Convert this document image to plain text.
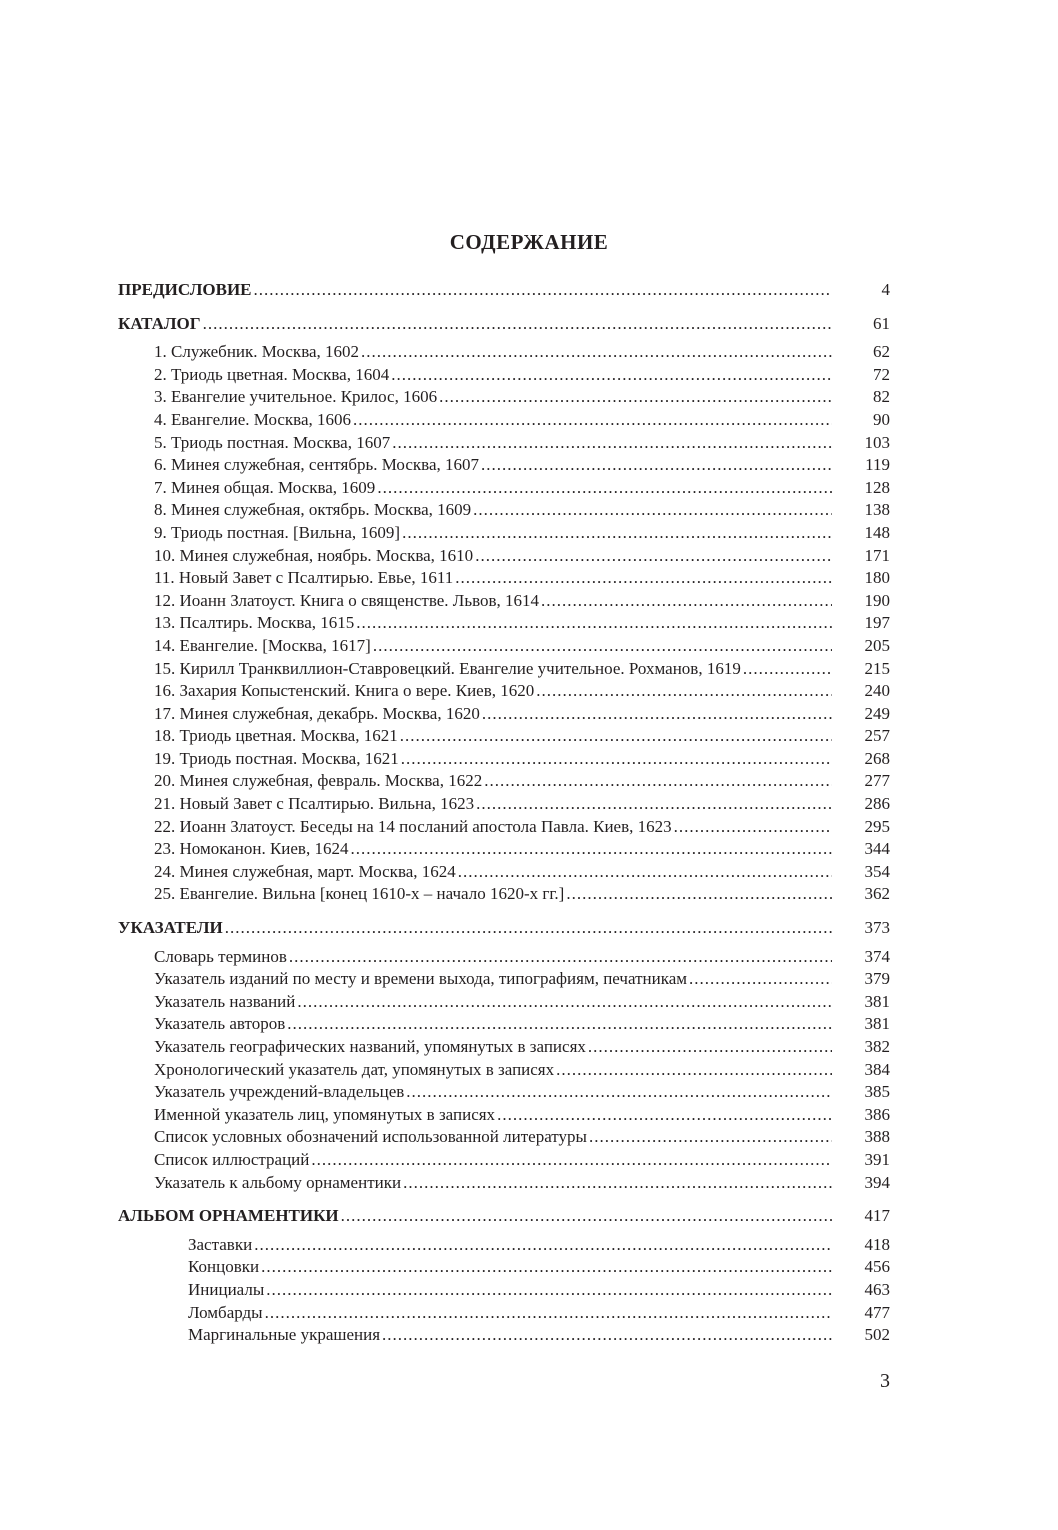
СОДЕРЖАНИЕ
ПРЕДИСЛОВИЕ .....	4
КАТАЛОГ .....	61
1. Служебник. Москва, 1602 .....	62
2. Триодь цветная. Москва, 1604 .....	72
3. Евангелие учительное. Крилос, 1606 .....	82
4. Евангелие. Москва, 1606 .....	90
5. Триодь постная. Москва, 1607 .....	103
6. Минея служебная, сентябрь. Москва, 1607 .....	119
7. Минея общая. Москва, 1609 .....	128
8. Минея служебная, октябрь. Москва, 1609 .....	138
9. Триодь постная. [Вильна, 1609] .....	148
10. Минея служебная, ноябрь. Москва, 1610 .....	171
11. Новый Завет с Псалтирью. Евье, 1611 .....	180
12. Иоанн Златоуст. Книга о священстве. Львов, 1614 .....	190
13. Псалтирь. Москва, 1615 .....	197
14. Евангелие. [Москва, 1617] .....	205
15. Кирилл Транквиллион-Ставровецкий. Евангелие учительное. Рохманов, 1619 .....	215
16. Захария Копыстенский. Книга о вере. Киев, 1620 .....	240
17. Минея служебная, декабрь. Москва, 1620 .....	249
18. Триодь цветная. Москва, 1621 .....	257
19. Триодь постная. Москва, 1621 .....	268
20. Минея служебная, февраль. Москва, 1622 .....	277
21. Новый Завет с Псалтирью. Вильна, 1623 .....	286
22. Иоанн Златоуст. Беседы на 14 посланий апостола Павла. Киев, 1623 .....	295
23. Номоканон. Киев, 1624 .....	344
24. Минея служебная, март. Москва, 1624 .....	354
25. Евангелие. Вильна [конец 1610-х – начало 1620-х гг.] .....	362
УКАЗАТЕЛИ .....	373
Словарь терминов .....	374
Указатель изданий по месту и времени выхода, типографиям, печатникам .....	379
Указатель названий .....	381
Указатель авторов .....	381
Указатель географических названий, упомянутых в записях .....	382
Хронологический указатель дат, упомянутых в записях .....	384
Указатель учреждений-владельцев .....	385
Именной указатель лиц, упомянутых в записях .....	386
Список условных обозначений использованной литературы .....	388
Список иллюстраций .....	391
Указатель к альбому орнаментики .....	394
АЛЬБОМ ОРНАМЕНТИКИ .....	417
Заставки .....	418
Концовки .....	456
Инициалы .....	463
Ломбарды .....	477
Маргинальные украшения .....	502
3
